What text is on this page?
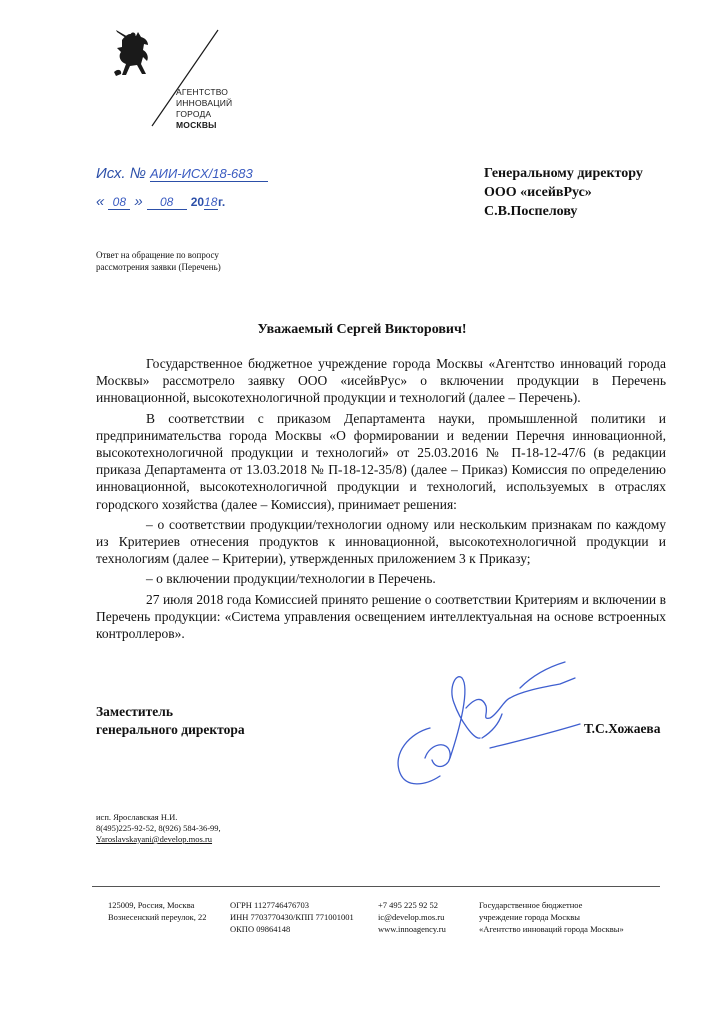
АГЕНТСТВО
ИННОВАЦИЙ
ГОРОДА
МОСКВЫ
Исх. № АИИ-ИСХ/18-683
« 08 » 08 2018г.
Генеральному директору
ООО «исейвРус»
С.В.Поспелову
Ответ на обращение по вопросу
рассмотрения заявки (Перечень)
Уважаемый Сергей Викторович!

Государственное бюджетное учреждение города Москвы «Агентство инноваций города Москвы» рассмотрело заявку ООО «исейвРус» о включении продукции в Перечень инновационной, высокотехнологичной продукции и технологий (далее – Перечень).

В соответствии с приказом Департамента науки, промышленной политики и предпринимательства города Москвы «О формировании и ведении Перечня инновационной, высокотехнологичной продукции и технологий» от 25.03.2016 № П-18-12-47/6 (в редакции приказа Департамента от 13.03.2018 № П-18-12-35/8) (далее – Приказ) Комиссия по определению инновационной, высокотехнологичной продукции и технологий, используемых в отраслях городского хозяйства (далее – Комиссия), принимает решения:

– о соответствии продукции/технологии одному или нескольким признакам по каждому из Критериев отнесения продуктов к инновационной, высокотехнологичной продукции и технологиям (далее – Критерии), утвержденных приложением 3 к Приказу;

– о включении продукции/технологии в Перечень.

27 июля 2018 года Комиссией принято решение о соответствии Критериям и включении в Перечень продукции: «Система управления освещением интеллектуальная на основе встроенных контроллеров».

Заместитель
генерального директора	Т.С.Хожаева
исп. Ярославская Н.И.
8(495)225-92-52, 8(926) 584-36-99,
Yaroslavskayani@develop.mos.ru
125009, Россия, Москва
Вознесенский переулок, 22
ОГРН 1127746476703
ИНН 7703770430/КПП 771001001
ОКПО 09864148
+7 495 225 92 52
ic@develop.mos.ru
www.innoagency.ru
Государственное бюджетное
учреждение города Москвы
«Агентство инноваций города Москвы»
